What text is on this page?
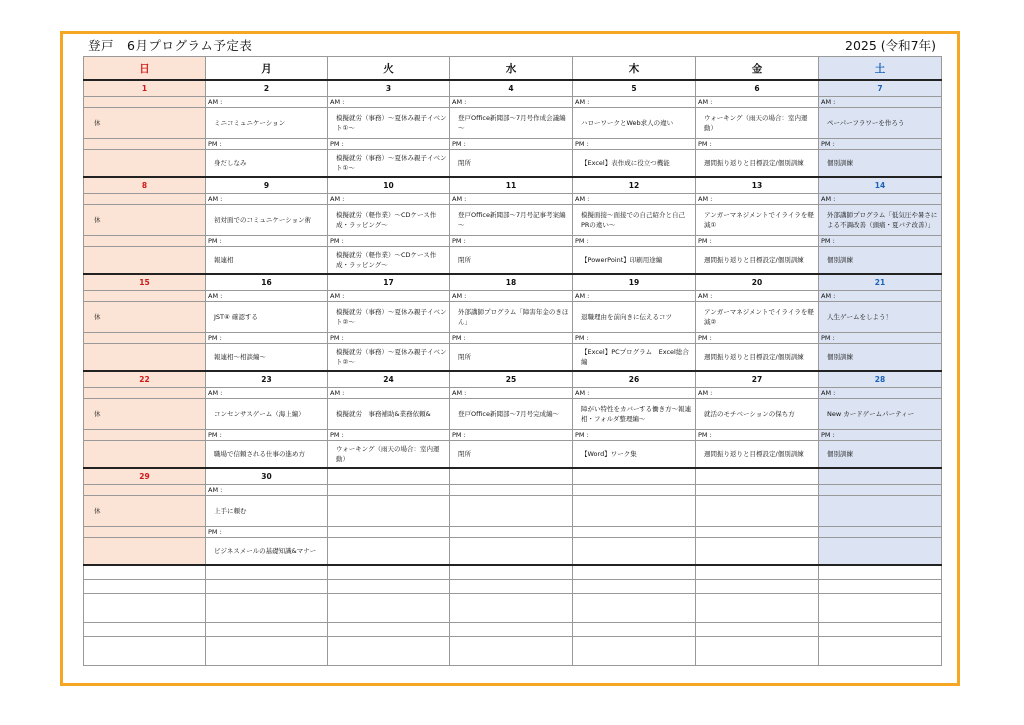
登戸　6月プログラム予定表	2025 (令和7年)
日	月	火	水	木	金	土
1	2	3	4	5	6	7
	AM :	AM :	AM :	AM :	AM :	AM :
休	ミニコミュニケーション	模擬就労（事務）～夏休み親子イベント①～	登戸Office新聞部～7月号作成会議編～	ハローワークとWeb求人の違い	ウォーキング（雨天の場合：室内運動）	ペーパーフラワーを作ろう
	PM :	PM :	PM :	PM :	PM :	PM :
	身だしなみ	模擬就労（事務）～夏休み親子イベント①～	閉所	【Excel】表作成に役立つ機能	週間振り返りと目標設定/個別訓練	個別訓練
8	9	10	11	12	13	14
	AM :	AM :	AM :	AM :	AM :	AM :
休	初対面でのコミュニケーション術	模擬就労（軽作業）～CDケース作成・ラッピング～	登戸Office新聞部～7月号記事考案編～	模擬面接～面接での自己紹介と自己PRの違い～	アンガーマネジメントでイライラを軽減①	外部講師プログラム「低気圧や暑さによる不調改善（頭痛・夏バテ改善）」
	PM :	PM :	PM :	PM :	PM :	PM :
	報連相	模擬就労（軽作業）～CDケース作成・ラッピング～	閉所	【PowerPoint】印刷用途編	週間振り返りと目標設定/個別訓練	個別訓練
15	16	17	18	19	20	21
	AM :	AM :	AM :	AM :	AM :	AM :
休	JST④ 確認する	模擬就労（事務）～夏休み親子イベント②～	外部講師プログラム「障害年金のきほん」	退職理由を前向きに伝えるコツ	アンガーマネジメントでイライラを軽減②	人生ゲームをしよう！
	PM :	PM :	PM :	PM :	PM :	PM :
	報連相～相談編～	模擬就労（事務）～夏休み親子イベント②～	閉所	【Excel】PCプログラム　Excel総合編	週間振り返りと目標設定/個別訓練	個別訓練
22	23	24	25	26	27	28
	AM :	AM :	AM :	AM :	AM :	AM :
休	コンセンサスゲーム（海上編）	模擬就労　事務補助&業務依頼&	登戸Office新聞部～7月号完成編～	障がい特性をカバーする働き方～報連相・フォルダ整理編～	就活のモチベーションの保ち方	New カードゲームパーティー
	PM :	PM :	PM :	PM :	PM :	PM :
	職場で信頼される仕事の進め方	ウォーキング（雨天の場合：室内運動）	閉所	【Word】ワーク集	週間振り返りと目標設定/個別訓練	個別訓練
29	30					
	AM :					
休	上手に頼む					
	PM :					
	ビジネスメールの基礎知識&マナー					
